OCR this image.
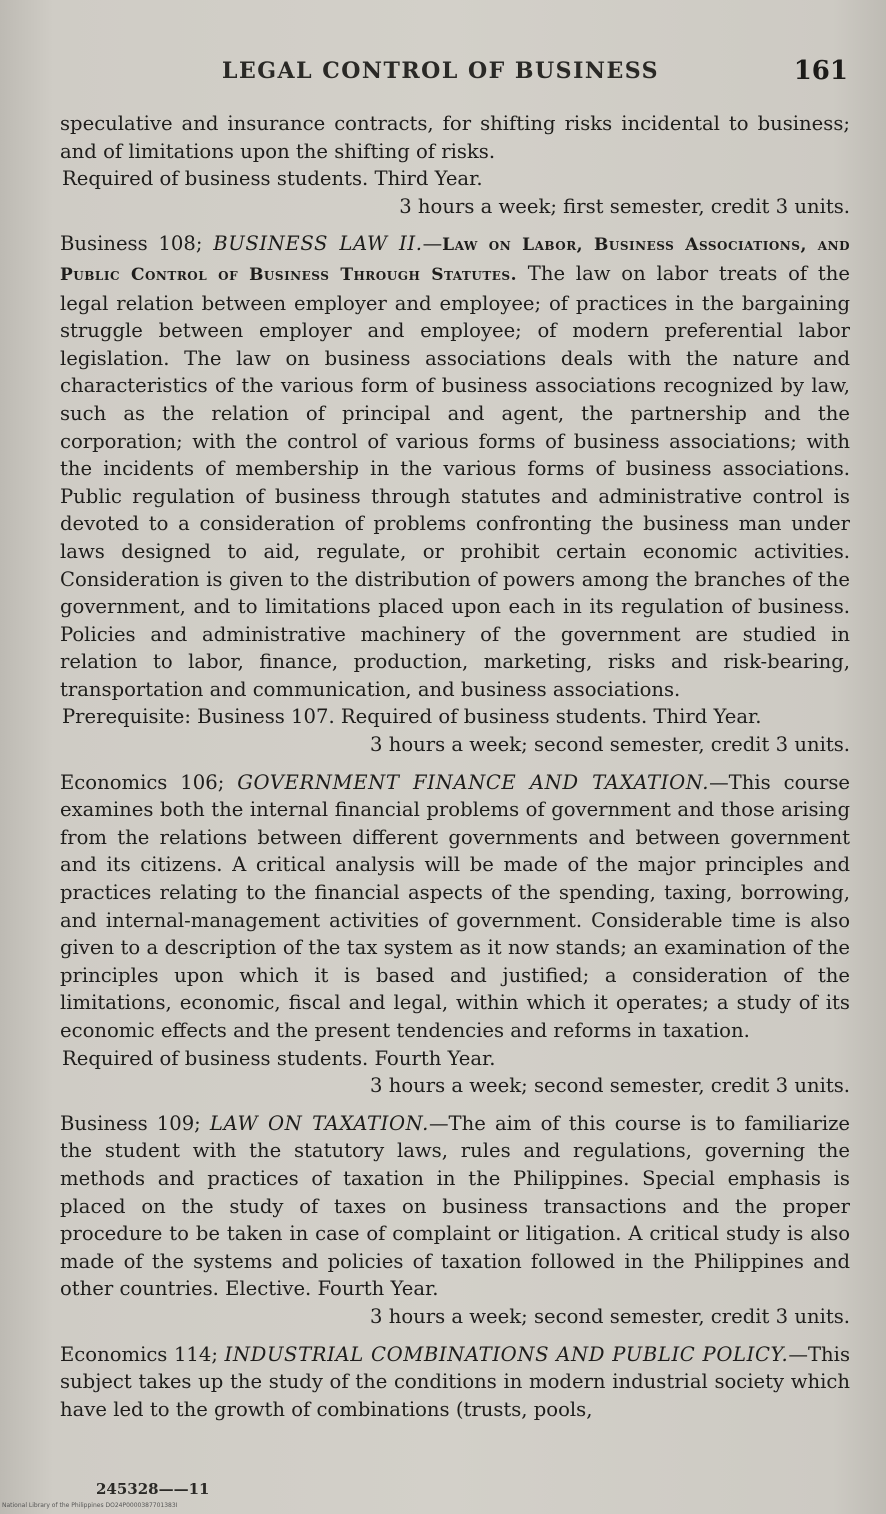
LEGAL CONTROL OF BUSINESS	161

speculative and insurance contracts, for shifting risks incidental to business; and of limitations upon the shifting of risks.

Required of business students. Third Year.

3 hours a week; first semester, credit 3 units.

Business 108; BUSINESS LAW II.—Law on Labor, Business Associations, and Public Control of Business Through Statutes. The law on labor treats of the legal relation between employer and employee; of practices in the bargaining struggle between employer and employee; of modern preferential labor legislation. The law on business associations deals with the nature and characteristics of the various form of business associations recognized by law, such as the relation of principal and agent, the partnership and the corporation; with the control of various forms of business associations; with the incidents of membership in the various forms of business associations. Public regulation of business through statutes and administrative control is devoted to a consideration of problems confronting the business man under laws designed to aid, regulate, or prohibit certain economic activities. Consideration is given to the distribution of powers among the branches of the government, and to limitations placed upon each in its regulation of business. Policies and administrative machinery of the government are studied in relation to labor, finance, production, marketing, risks and risk-bearing, transportation and communication, and business associations.

Prerequisite: Business 107. Required of business students. Third Year.

3 hours a week; second semester, credit 3 units.

Economics 106; GOVERNMENT FINANCE AND TAXATION.—This course examines both the internal financial problems of government and those arising from the relations between different governments and between government and its citizens. A critical analysis will be made of the major principles and practices relating to the financial aspects of the spending, taxing, borrowing, and internal-management activities of government. Considerable time is also given to a description of the tax system as it now stands; an examination of the principles upon which it is based and justified; a consideration of the limitations, economic, fiscal and legal, within which it operates; a study of its economic effects and the present tendencies and reforms in taxation.

Required of business students. Fourth Year.

3 hours a week; second semester, credit 3 units.

Business 109; LAW ON TAXATION.—The aim of this course is to familiarize the student with the statutory laws, rules and regulations, governing the methods and practices of taxation in the Philippines. Special emphasis is placed on the study of taxes on business transactions and the proper procedure to be taken in case of complaint or litigation. A critical study is also made of the systems and policies of taxation followed in the Philippines and other countries. Elective. Fourth Year.

3 hours a week; second semester, credit 3 units.

Economics 114; INDUSTRIAL COMBINATIONS AND PUBLIC POLICY.—This subject takes up the study of the conditions in modern industrial society which have led to the growth of combinations (trusts, pools,

245328——11
National Library of the Philippines DO24P0000387701383I
